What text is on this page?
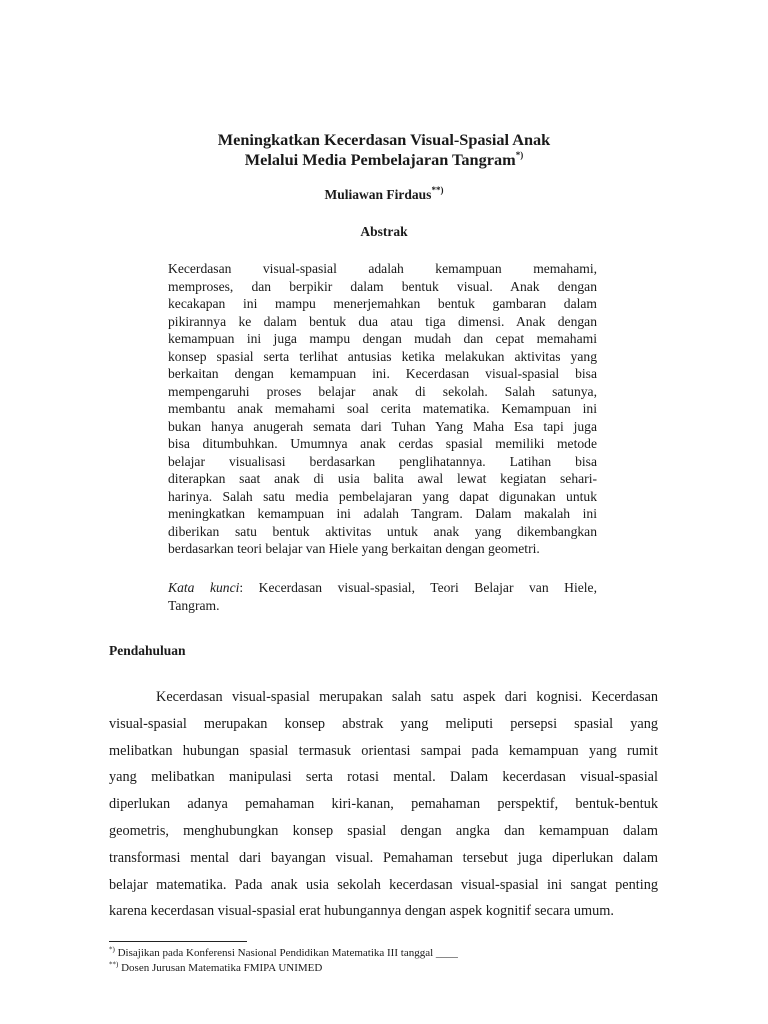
Meningkatkan Kecerdasan Visual-Spasial Anak
Melalui Media Pembelajaran Tangram*)
Muliawan Firdaus**)
Abstrak
Kecerdasan visual-spasial adalah kemampuan memahami,
memproses, dan berpikir dalam bentuk visual. Anak dengan
kecakapan ini mampu menerjemahkan bentuk gambaran dalam
pikirannya ke dalam bentuk dua atau tiga dimensi. Anak dengan
kemampuan ini juga mampu dengan mudah dan cepat memahami
konsep spasial serta terlihat antusias ketika melakukan aktivitas yang
berkaitan dengan kemampuan ini. Kecerdasan visual-spasial bisa
mempengaruhi proses belajar anak di sekolah. Salah satunya,
membantu anak memahami soal cerita matematika. Kemampuan ini
bukan hanya anugerah semata dari Tuhan Yang Maha Esa tapi juga
bisa ditumbuhkan. Umumnya anak cerdas spasial memiliki metode
belajar visualisasi berdasarkan penglihatannya. Latihan bisa
diterapkan saat anak di usia balita awal lewat kegiatan sehari-
harinya. Salah satu media pembelajaran yang dapat digunakan untuk
meningkatkan kemampuan ini adalah Tangram. Dalam makalah ini
diberikan satu bentuk aktivitas untuk anak yang dikembangkan
berdasarkan teori belajar van Hiele yang berkaitan dengan geometri.
Kata kunci: Kecerdasan visual-spasial, Teori Belajar van Hiele,
Tangram.
Pendahuluan
Kecerdasan visual-spasial merupakan salah satu aspek dari kognisi. Kecerdasan
visual-spasial merupakan konsep abstrak yang meliputi persepsi spasial yang
melibatkan hubungan spasial termasuk orientasi sampai pada kemampuan yang rumit
yang melibatkan manipulasi serta rotasi mental. Dalam kecerdasan visual-spasial
diperlukan adanya pemahaman kiri-kanan, pemahaman perspektif, bentuk-bentuk
geometris, menghubungkan konsep spasial dengan angka dan kemampuan dalam
transformasi mental dari bayangan visual. Pemahaman tersebut juga diperlukan dalam
belajar matematika. Pada anak usia sekolah kecerdasan visual-spasial ini sangat penting
karena kecerdasan visual-spasial erat hubungannya dengan aspek kognitif secara umum.
*) Disajikan pada Konferensi Nasional Pendidikan Matematika III tanggal ____
**) Dosen Jurusan Matematika FMIPA UNIMED
